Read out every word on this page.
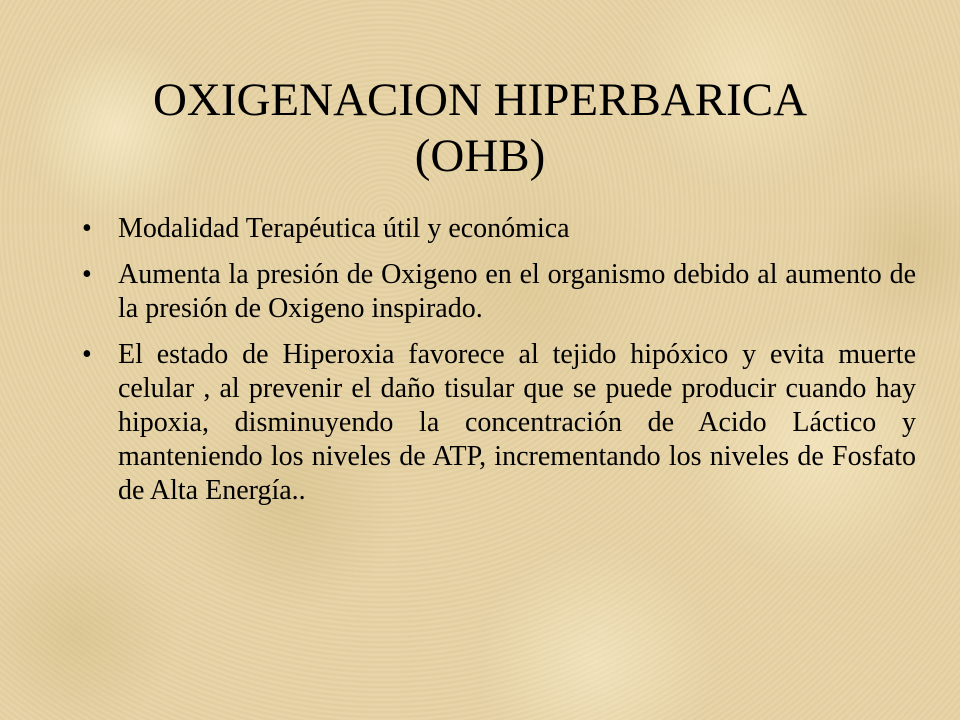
OXIGENACION HIPERBARICA
(OHB)
• Modalidad Terapéutica útil y económica
• Aumenta la presión de Oxigeno en el organismo debido al aumento de la presión de Oxigeno inspirado.
• El estado de Hiperoxia favorece al tejido hipóxico y evita muerte celular , al prevenir el daño tisular que se puede producir cuando hay hipoxia, disminuyendo la concentración de Acido Láctico y manteniendo los niveles de ATP, incrementando los niveles de Fosfato de Alta Energía..
